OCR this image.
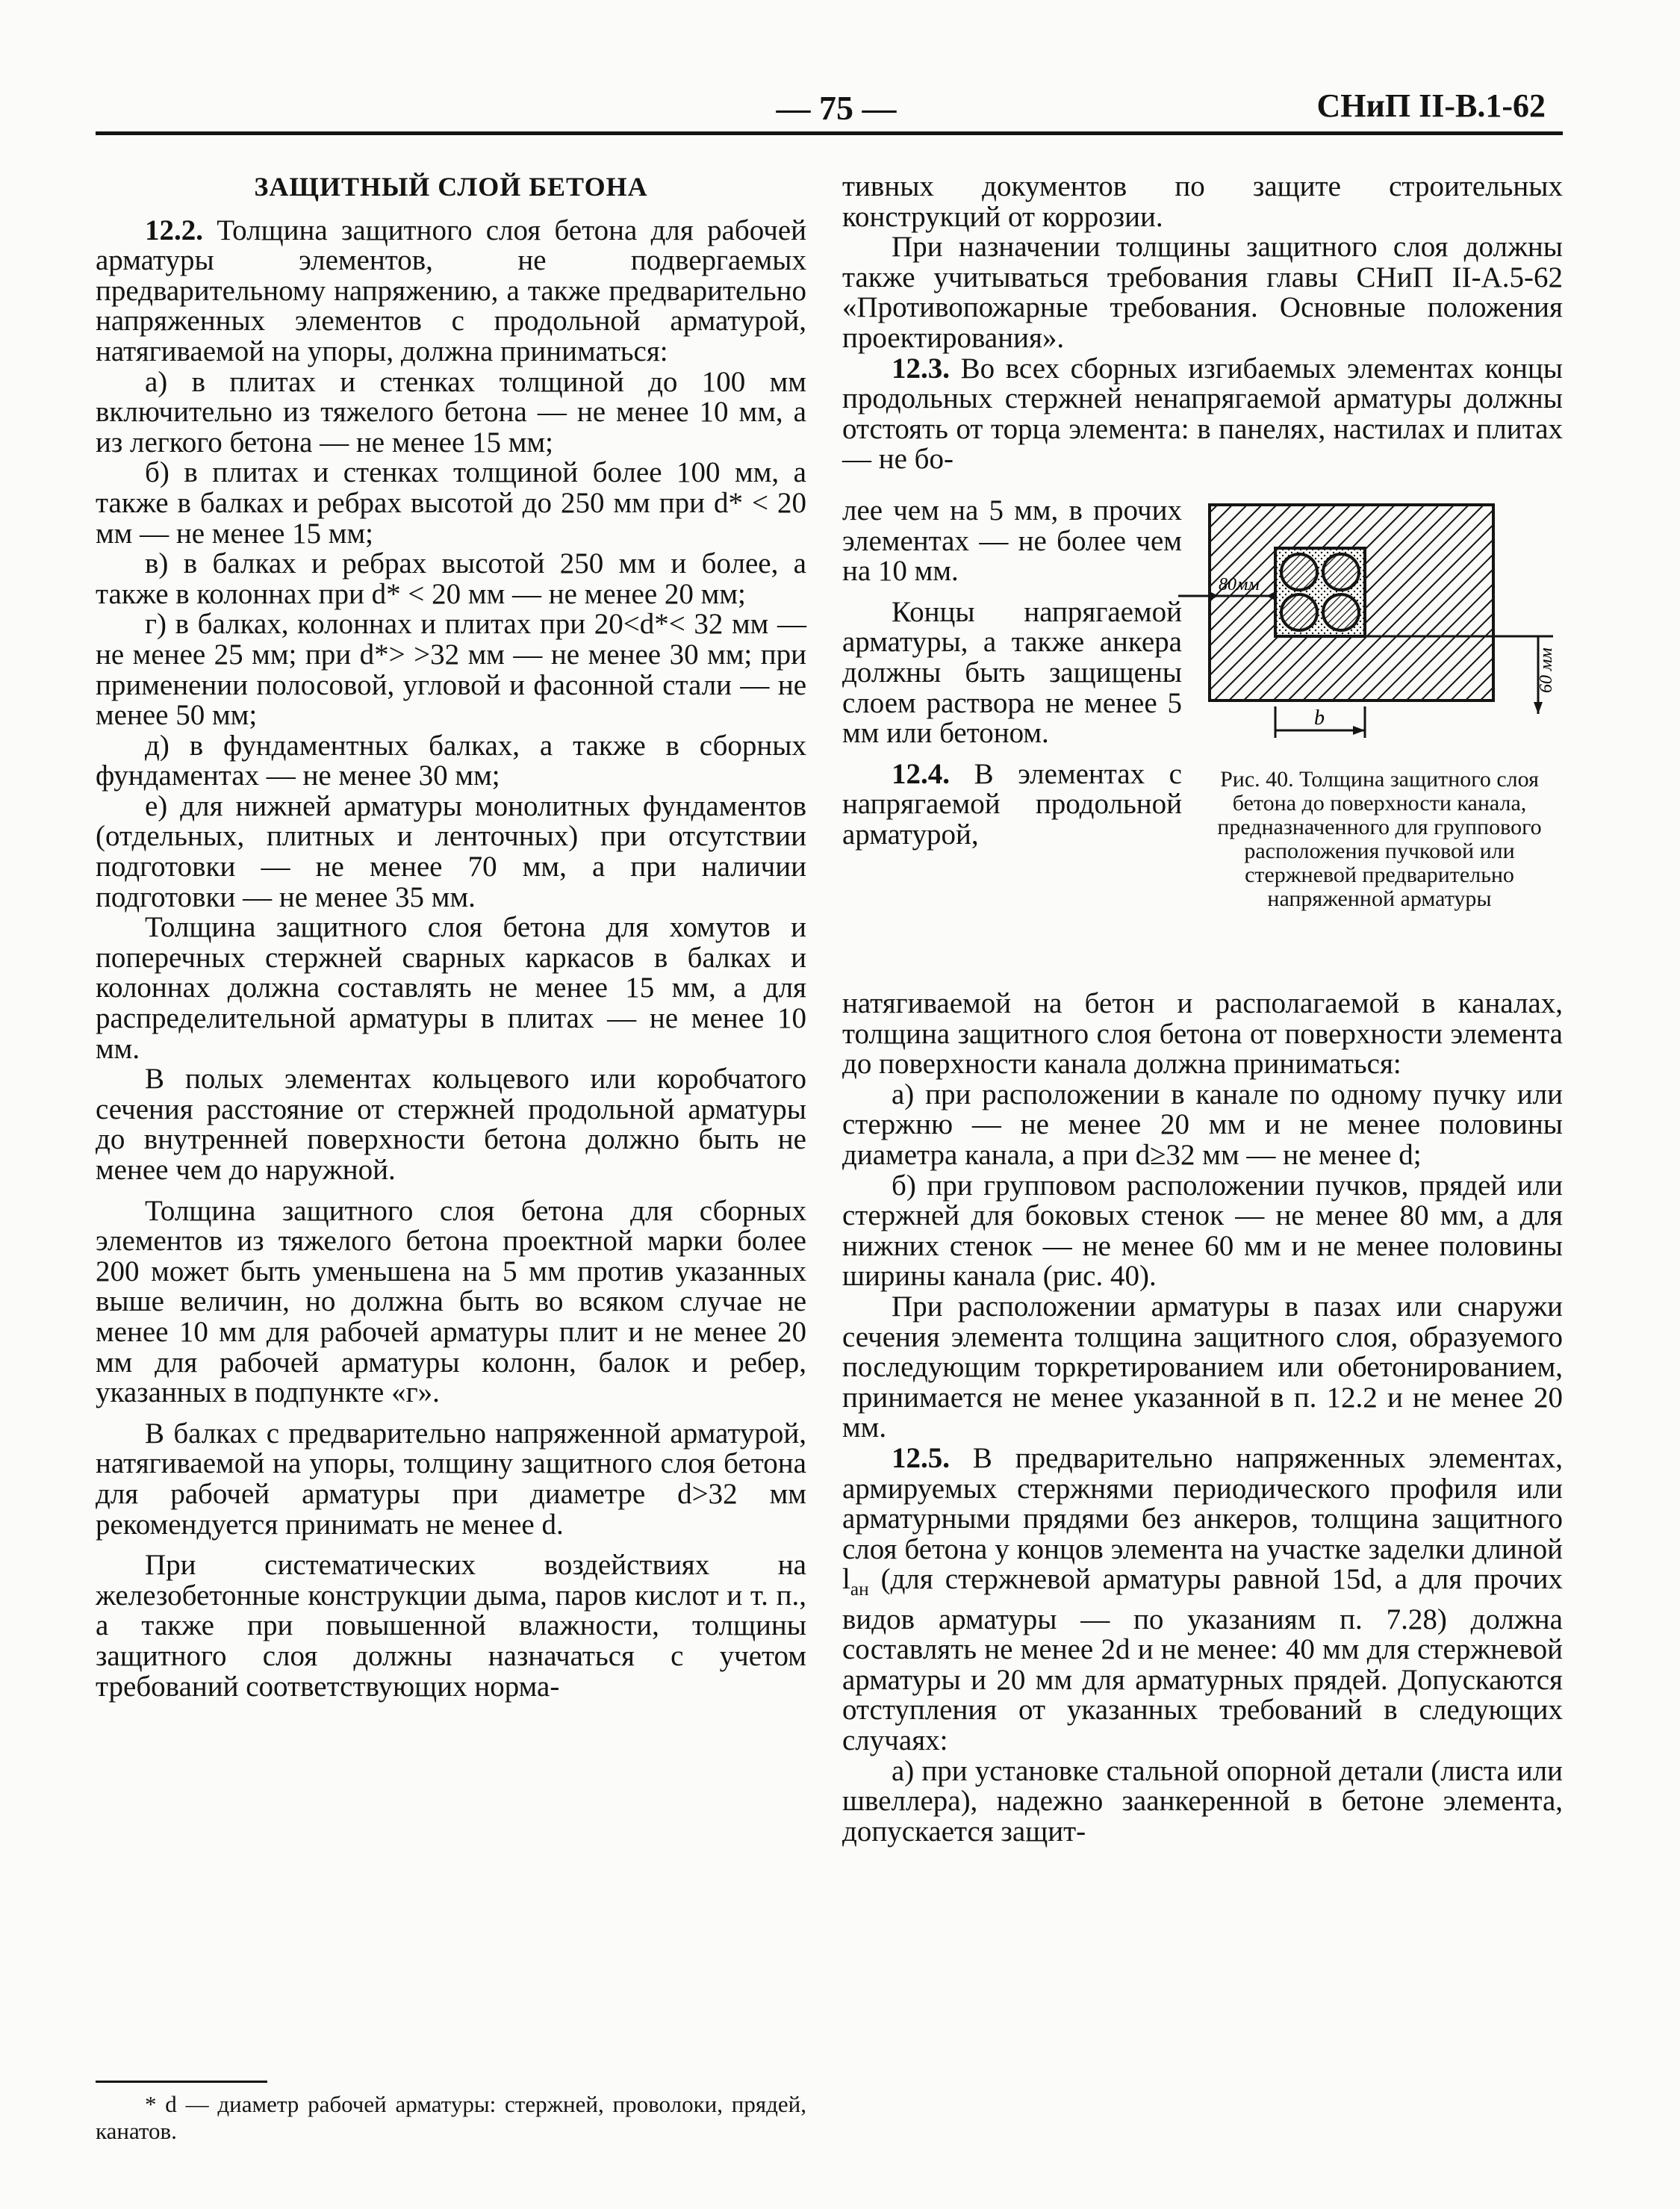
— 75 —	СНиП II-В.1-62

ЗАЩИТНЫЙ СЛОЙ БЕТОНА

12.2. Толщина защитного слоя бетона для рабочей арматуры элементов, не подвергаемых предварительному напряжению, а также предварительно напряженных элементов с продольной арматурой, натягиваемой на упоры, должна приниматься:

а) в плитах и стенках толщиной до 100 мм включительно из тяжелого бетона — не менее 10 мм, а из легкого бетона — не менее 15 мм;

б) в плитах и стенках толщиной более 100 мм, а также в балках и ребрах высотой до 250 мм при d* < 20 мм — не менее 15 мм;

в) в балках и ребрах высотой 250 мм и более, а также в колоннах при d* < 20 мм — не менее 20 мм;

г) в балках, колоннах и плитах при 20<d*< 32 мм — не менее 25 мм; при d*> >32 мм — не менее 30 мм; при применении полосовой, угловой и фасонной стали — не менее 50 мм;

д) в фундаментных балках, а также в сборных фундаментах — не менее 30 мм;

е) для нижней арматуры монолитных фундаментов (отдельных, плитных и ленточных) при отсутствии подготовки — не менее 70 мм, а при наличии подготовки — не менее 35 мм.

Толщина защитного слоя бетона для хомутов и поперечных стержней сварных каркасов в балках и колоннах должна составлять не менее 15 мм, а для распределительной арматуры в плитах — не менее 10 мм.

В полых элементах кольцевого или коробчатого сечения расстояние от стержней продольной арматуры до внутренней поверхности бетона должно быть не менее чем до наружной.

Толщина защитного слоя бетона для сборных элементов из тяжелого бетона проектной марки более 200 может быть уменьшена на 5 мм против указанных выше величин, но должна быть во всяком случае не менее 10 мм для рабочей арматуры плит и не менее 20 мм для рабочей арматуры колонн, балок и ребер, указанных в подпункте «г».

В балках с предварительно напряженной арматурой, натягиваемой на упоры, толщину защитного слоя бетона для рабочей арматуры при диаметре d>32 мм рекомендуется принимать не менее d.

При систематических воздействиях на железобетонные конструкции дыма, паров кислот и т. п., а также при повышенной влажности, толщины защитного слоя должны назначаться с учетом требований соответствующих норма-

* d — диаметр рабочей арматуры: стержней, проволоки, прядей, канатов.

тивных документов по защите строительных конструкций от коррозии.

При назначении толщины защитного слоя должны также учитываться требования главы СНиП II-А.5-62 «Противопожарные требования. Основные положения проектирования».

12.3. Во всех сборных изгибаемых элементах концы продольных стержней ненапрягаемой арматуры должны отстоять от торца элемента: в панелях, настилах и плитах — не бо-

лее чем на 5 мм, в прочих элементах — не более чем на 10 мм.

Концы напрягаемой арматуры, а также анкера должны быть защищены слоем раствора не менее 5 мм или бетоном.

12.4. В элементах с напрягаемой продольной арматурой,

80мм
60 мм
b
Рис. 40. Толщина защитного слоя бетона до поверхности канала, предназначенного для группового расположения пучковой или стержневой предварительно напряженной арматуры

натягиваемой на бетон и располагаемой в каналах, толщина защитного слоя бетона от поверхности элемента до поверхности канала должна приниматься:

а) при расположении в канале по одному пучку или стержню — не менее 20 мм и не менее половины диаметра канала, а при d≥32 мм — не менее d;

б) при групповом расположении пучков, прядей или стержней для боковых стенок — не менее 80 мм, а для нижних стенок — не менее 60 мм и не менее половины ширины канала (рис. 40).

При расположении арматуры в пазах или снаружи сечения элемента толщина защитного слоя, образуемого последующим торкретированием или обетонированием, принимается не менее указанной в п. 12.2 и не менее 20 мм.

12.5. В предварительно напряженных элементах, армируемых стержнями периодического профиля или арматурными прядями без анкеров, толщина защитного слоя бетона у концов элемента на участке заделки длиной $l_{ан}$ (для стержневой арматуры равной 15d, а для прочих видов арматуры — по указаниям п. 7.28) должна составлять не менее 2d и не менее: 40 мм для стержневой арматуры и 20 мм для арматурных прядей. Допускаются отступления от указанных требований в следующих случаях:

а) при установке стальной опорной детали (листа или швеллера), надежно заанкеренной в бетоне элемента, допускается защит-
